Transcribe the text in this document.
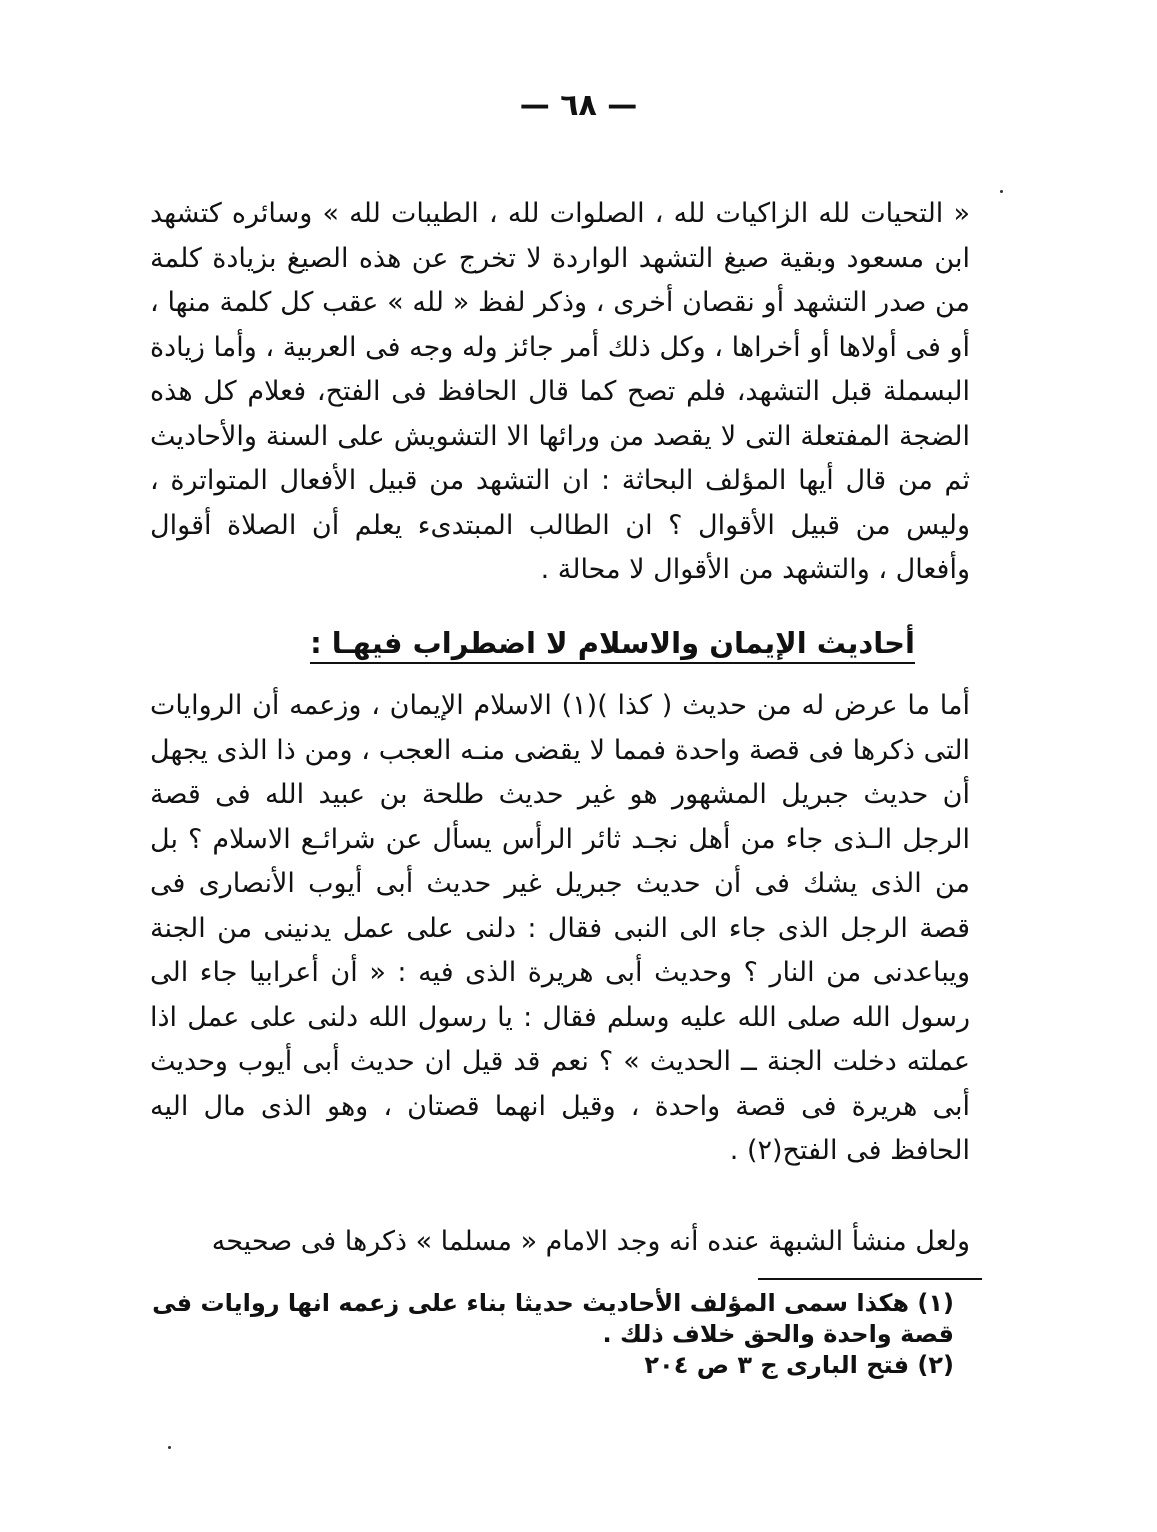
— ٦٨ —
« التحيات لله الزاكيات لله ، الصلوات لله ، الطيبات لله » وسائره كتشهد ابن مسعود وبقية صيغ التشهد الواردة لا تخرج عن هذه الصيغ بزيادة كلمة من صدر التشهد أو نقصان أخرى ، وذكر لفظ « لله » عقب كل كلمة منها ، أو فى أولاها أو أخراها ، وكل ذلك أمر جائز وله وجه فى العربية ، وأما زيادة البسملة قبل التشهد، فلم تصح كما قال الحافظ فى الفتح، فعلام كل هذه الضجة المفتعلة التى لا يقصد من ورائها الا التشويش على السنة والأحاديث ثم من قال أيها المؤلف البحاثة : ان التشهد من قبيل الأفعال المتواترة ، وليس من قبيل الأقوال ؟ ان الطالب المبتدىء يعلم أن الصلاة أقوال وأفعال ، والتشهد من الأقوال لا محالة .
أحاديث الإيمان والاسلام لا اضطراب فيهـا :
أما ما عرض له من حديث ( كذا )(١) الاسلام الإيمان ، وزعمه أن الروايات التى ذكرها فى قصة واحدة فمما لا يقضى منـه العجب ، ومن ذا الذى يجهل أن حديث جبريل المشهور هو غير حديث طلحة بن عبيد الله فى قصة الرجل الـذى جاء من أهل نجـد ثائر الرأس يسأل عن شرائـع الاسلام ؟ بل من الذى يشك فى أن حديث جبريل غير حديث أبى أيوب الأنصارى فى قصة الرجل الذى جاء الى النبى فقال : دلنى على عمل يدنينى من الجنة ويباعدنى من النار ؟ وحديث أبى هريرة الذى فيه : « أن أعرابيا جاء الى رسول الله صلى الله عليه وسلم فقال : يا رسول الله دلنى على عمل اذا عملته دخلت الجنة ــ الحديث » ؟ نعم قد قيل ان حديث أبى أيوب وحديث أبى هريرة فى قصة واحدة ، وقيل انهما قصتان ، وهو الذى مال اليه الحافظ فى الفتح(٢) .
ولعل منشأ الشبهة عنده أنه وجد الامام « مسلما » ذكرها فى صحيحه

(١) هكذا سمى المؤلف الأحاديث حديثا بناء على زعمه انها روايات فى قصة واحدة والحق خلاف ذلك .

(٢) فتح البارى ج ٣ ص ٢٠٤
